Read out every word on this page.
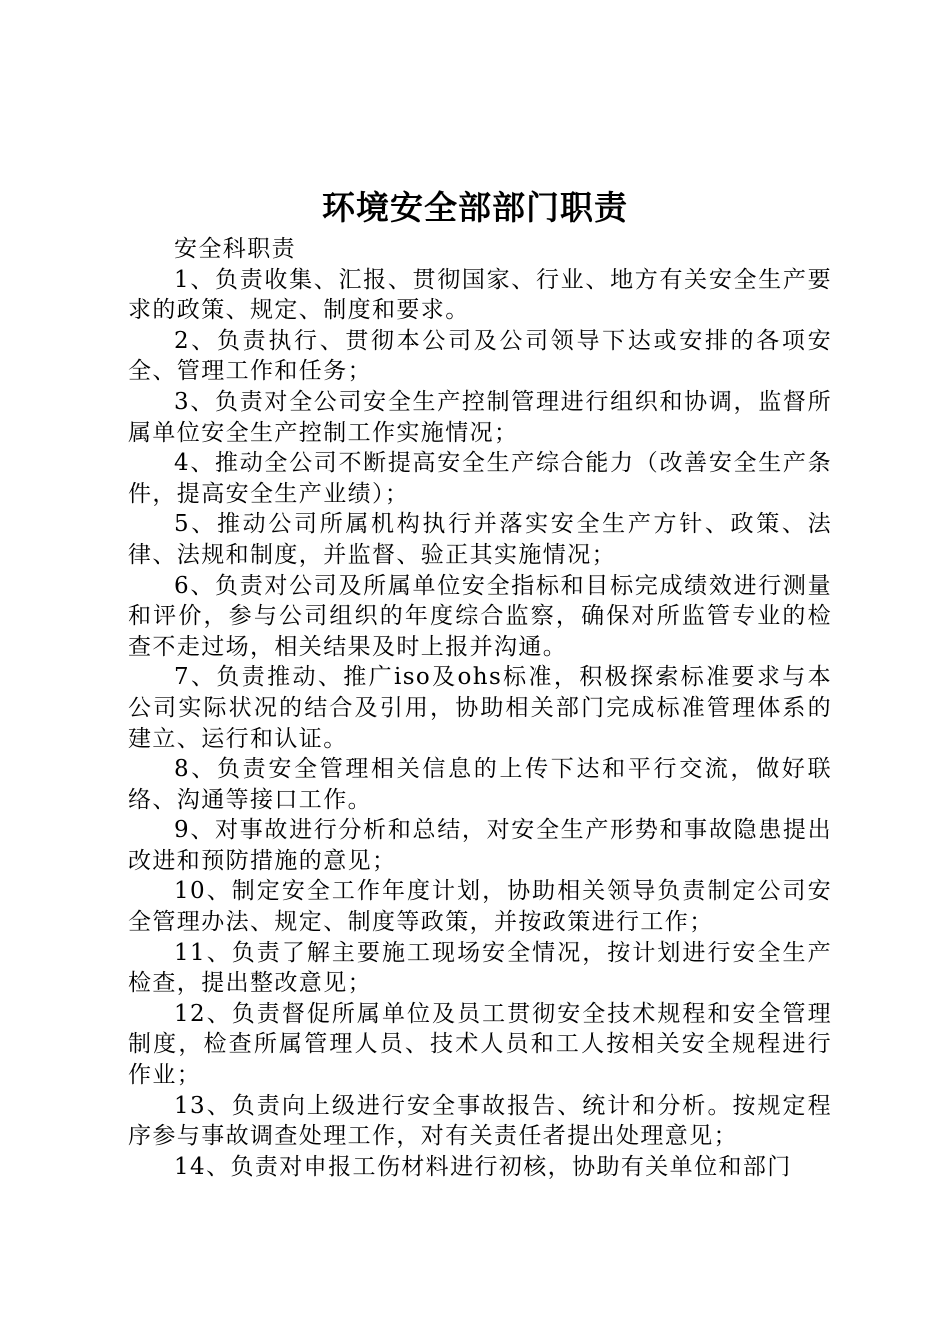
环境安全部部门职责

安全科职责

1、负责收集、汇报、贯彻国家、行业、地方有关安全生产要求的政策、规定、制度和要求。

2、负责执行、贯彻本公司及公司领导下达或安排的各项安全、管理工作和任务；

3、负责对全公司安全生产控制管理进行组织和协调，监督所属单位安全生产控制工作实施情况；

4、推动全公司不断提高安全生产综合能力（改善安全生产条件，提高安全生产业绩）；

5、推动公司所属机构执行并落实安全生产方针、政策、法律、法规和制度，并监督、验正其实施情况；

6、负责对公司及所属单位安全指标和目标完成绩效进行测量和评价，参与公司组织的年度综合监察，确保对所监管专业的检查不走过场，相关结果及时上报并沟通。

7、负责推动、推广iso及ohs标准，积极探索标准要求与本公司实际状况的结合及引用，协助相关部门完成标准管理体系的建立、运行和认证。

8、负责安全管理相关信息的上传下达和平行交流，做好联络、沟通等接口工作。

9、对事故进行分析和总结，对安全生产形势和事故隐患提出改进和预防措施的意见；

10、制定安全工作年度计划，协助相关领导负责制定公司安全管理办法、规定、制度等政策，并按政策进行工作；

11、负责了解主要施工现场安全情况，按计划进行安全生产检查，提出整改意见；

12、负责督促所属单位及员工贯彻安全技术规程和安全管理制度，检查所属管理人员、技术人员和工人按相关安全规程进行作业；

13、负责向上级进行安全事故报告、统计和分析。按规定程序参与事故调查处理工作，对有关责任者提出处理意见；

14、负责对申报工伤材料进行初核，协助有关单位和部门
